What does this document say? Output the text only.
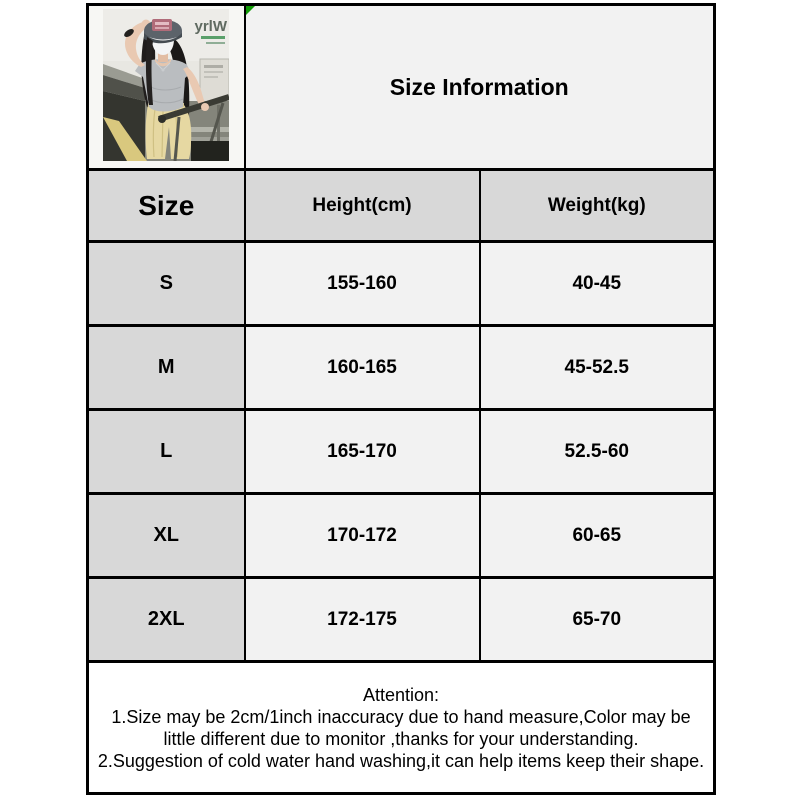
yrlW	Size Information	
Size	Height(cm)	Weight(kg)
S	155-160	40-45
M	160-165	45-52.5
L	165-170	52.5-60
XL	170-172	60-65
2XL	172-175	65-70

Attention:

1.Size may be 2cm/1inch inaccuracy due to hand measure,Color may be little different due to monitor ,thanks for your understanding.

2.Suggestion of cold water hand washing,it can help items keep their shape.		
